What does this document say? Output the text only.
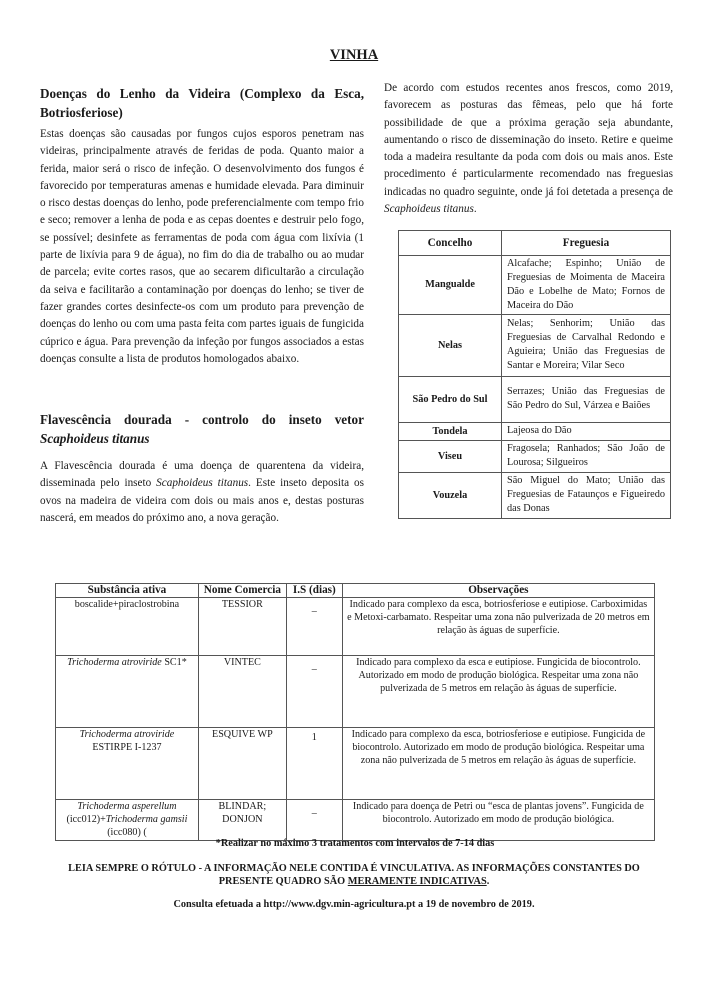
VINHA
Doenças do Lenho da Videira (Complexo da Esca, Botriosferiose)
Estas doenças são causadas por fungos cujos esporos penetram nas videiras, principalmente através de feridas de poda. Quanto maior a ferida, maior será o risco de infeção. O desenvolvimento dos fungos é favorecido por temperaturas amenas e humidade elevada. Para diminuir o risco destas doenças do lenho, pode preferencialmente com tempo frio e seco; remover a lenha de poda e as cepas doentes e destruir pelo fogo, se possível; desinfete as ferramentas de poda com água com lixívia (1 parte de lixívia para 9 de água), no fim do dia de trabalho ou ao mudar de parcela; evite cortes rasos, que ao secarem dificultarão a circulação da seiva e facilitarão a contaminação por doenças do lenho; se tiver de fazer grandes cortes desinfecte-os com um produto para prevenção de doenças do lenho ou com uma pasta feita com partes iguais de fungicida cúprico e água. Para prevenção da infeção por fungos associados a estas doenças consulte a lista de produtos homologados abaixo.
Flavescência dourada - controlo do inseto vetor Scaphoideus titanus
A Flavescência dourada é uma doença de quarentena da videira, disseminada pelo inseto Scaphoideus titanus. Este inseto deposita os ovos na madeira de videira com dois ou mais anos e, destas posturas nascerá, em meados do próximo ano, a nova geração.
De acordo com estudos recentes anos frescos, como 2019, favorecem as posturas das fêmeas, pelo que há forte possibilidade de que a próxima geração seja abundante, aumentando o risco de disseminação do inseto. Retire e queime toda a madeira resultante da poda com dois ou mais anos. Este procedimento é particularmente recomendado nas freguesias indicadas no quadro seguinte, onde já foi detetada a presença de Scaphoideus titanus.
Concelho	Freguesia
Mangualde	Alcafache; Espinho; União de Freguesias de Moimenta de Maceira Dão e Lobelhe de Mato; Fornos de Maceira do Dão
Nelas	Nelas; Senhorim; União das Freguesias de Carvalhal Redondo e Aguieira; União das Freguesias de Santar e Moreira; Vilar Seco
São Pedro do Sul	Serrazes; União das Freguesias de São Pedro do Sul, Várzea e Baiões
Tondela	Lajeosa do Dão
Viseu	Fragosela; Ranhados; São João de Lourosa; Silgueiros
Vouzela	São Miguel do Mato; União das Freguesias de Fataunços e Figueiredo das Donas
Substância ativa	Nome Comercia	I.S (dias)	Observações
boscalide+piraclostrobina	TESSIOR	_	Indicado para complexo da esca, botriosferiose e eutipiose. Carboximidas e Metoxi-carbamato. Respeitar uma zona não pulverizada de 20 metros em relação às águas de superfície.
Trichoderma atroviride SC1*	VINTEC	_	Indicado para complexo da esca e eutipiose. Fungicida de biocontrolo. Autorizado em modo de produção biológica. Respeitar uma zona não pulverizada de 5 metros em relação às águas de superfície.
Trichoderma atroviride
ESTIRPE I-1237	ESQUIVE WP	1	Indicado para complexo da esca, botriosferiose e eutipiose. Fungicida de biocontrolo. Autorizado em modo de produção biológica. Respeitar uma zona não pulverizada de 5 metros em relação às águas de superfície.
Trichoderma asperellum
(icc012)+Trichoderma gamsii
(icc080) (	BLINDAR; DONJON	_	Indicado para doença de Petri ou “esca de plantas jovens”. Fungicida de biocontrolo. Autorizado em modo de produção biológica.
*Realizar no máximo 3 tratamentos com intervalos de 7-14 dias
LEIA SEMPRE O RÓTULO - A INFORMAÇÃO NELE CONTIDA É VINCULATIVA. AS INFORMAÇÕES CONSTANTES DO PRESENTE QUADRO SÃO MERAMENTE INDICATIVAS.
Consulta efetuada a http://www.dgv.min-agricultura.pt a 19 de novembro de 2019.
